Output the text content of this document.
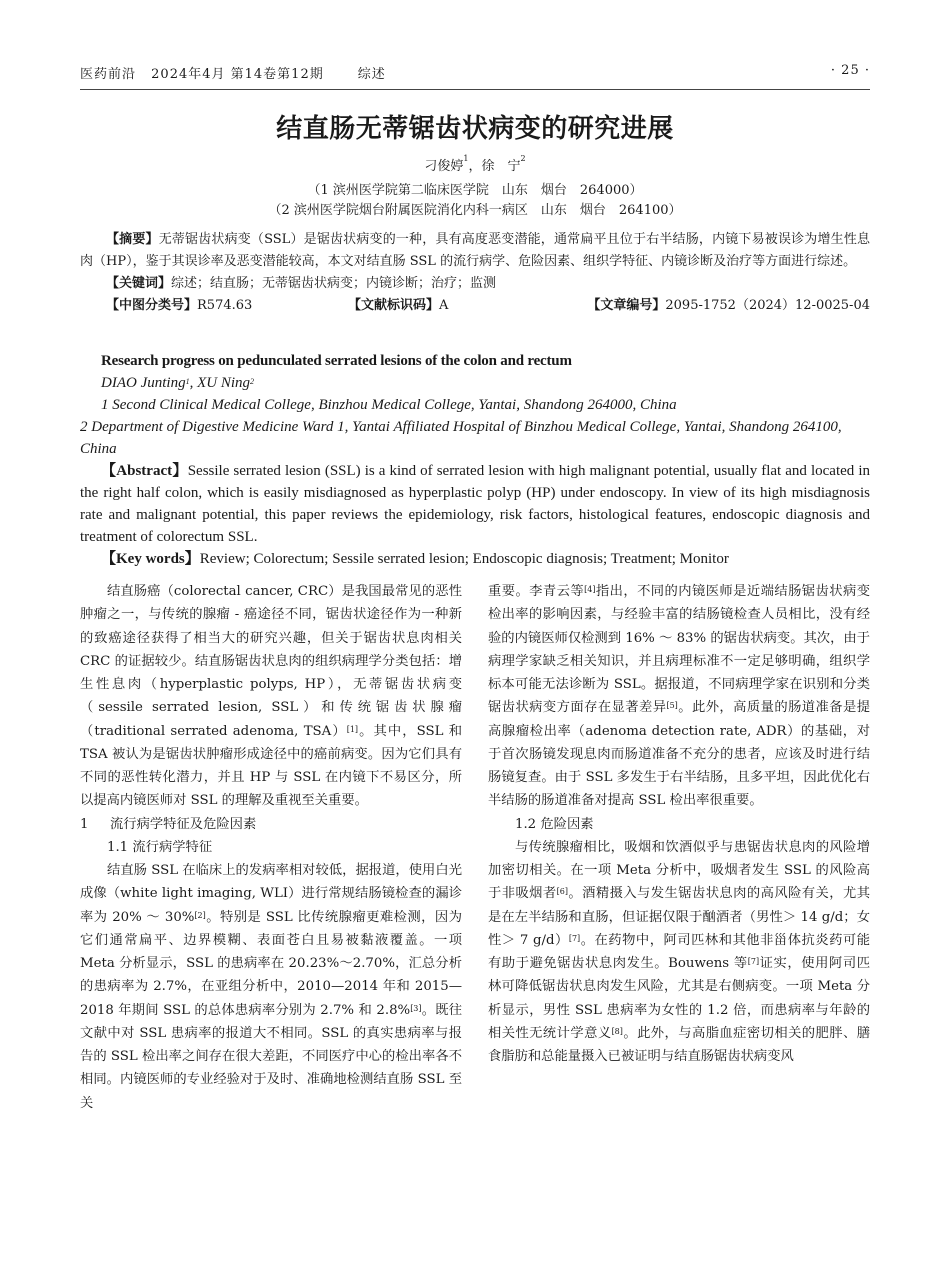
医药前沿 2024年4月 第14卷第12期	综述	· 25 ·
结直肠无蒂锯齿状病变的研究进展
刁俊婷$^1$，徐　宁$^2$
（1 滨州医学院第二临床医学院　山东　烟台　264000）
（2 滨州医学院烟台附属医院消化内科一病区　山东　烟台　264100）

【摘要】无蒂锯齿状病变（SSL）是锯齿状病变的一种，具有高度恶变潜能，通常扁平且位于右半结肠，内镜下易被误诊为增生性息肉（HP），鉴于其误诊率及恶变潜能较高，本文对结直肠 SSL 的流行病学、危险因素、组织学特征、内镜诊断及治疗等方面进行综述。

【关键词】综述；结直肠；无蒂锯齿状病变；内镜诊断；治疗；监测

【中图分类号】R574.63	【文献标识码】A	【文章编号】2095-1752（2024）12-0025-04

Research progress on pedunculated serrated lesions of the colon and rectum

DIAO Junting$^1$, XU Ning$^2$

1 Second Clinical Medical College, Binzhou Medical College, Yantai, Shandong 264000, China

2 Department of Digestive Medicine Ward 1, Yantai Affiliated Hospital of Binzhou Medical College, Yantai, Shandong 264100, China

【Abstract】Sessile serrated lesion (SSL) is a kind of serrated lesion with high malignant potential, usually flat and located in the right half colon, which is easily misdiagnosed as hyperplastic polyp (HP) under endoscopy. In view of its high misdiagnosis rate and malignant potential, this paper reviews the epidemiology, risk factors, histological features, endoscopic diagnosis and treatment of colorectum SSL.

【Key words】Review; Colorectum; Sessile serrated lesion; Endoscopic diagnosis; Treatment; Monitor

结直肠癌（colorectal cancer, CRC）是我国最常见的恶性肿瘤之一，与传统的腺瘤 - 癌途径不同，锯齿状途径作为一种新的致癌途径获得了相当大的研究兴趣，但关于锯齿状息肉相关 CRC 的证据较少。结直肠锯齿状息肉的组织病理学分类包括：增生性息肉（hyperplastic polyps, HP），无蒂锯齿状病变（sessile serrated lesion, SSL）和传统锯齿状腺瘤（traditional serrated adenoma, TSA）[1]。其中，SSL 和 TSA 被认为是锯齿状肿瘤形成途径中的癌前病变。因为它们具有不同的恶性转化潜力，并且 HP 与 SSL 在内镜下不易区分，所以提高内镜医师对 SSL 的理解及重视至关重要。

1 流行病学特征及危险因素

1.1 流行病学特征

结直肠 SSL 在临床上的发病率相对较低，据报道，使用白光成像（white light imaging, WLI）进行常规结肠镜检查的漏诊率为 20% ～ 30%[2]。特别是 SSL 比传统腺瘤更难检测，因为它们通常扁平、边界模糊、表面苍白且易被黏液覆盖。一项 Meta 分析显示，SSL 的患病率在 20.23%～2.70%，汇总分析的患病率为 2.7%，在亚组分析中，2010—2014 年和 2015—2018 年期间 SSL 的总体患病率分别为 2.7% 和 2.8%[3]。既往文献中对 SSL 患病率的报道大不相同。SSL 的真实患病率与报告的 SSL 检出率之间存在很大差距，不同医疗中心的检出率各不相同。内镜医师的专业经验对于及时、准确地检测结直肠 SSL 至关

重要。李青云等[4]指出，不同的内镜医师是近端结肠锯齿状病变检出率的影响因素，与经验丰富的结肠镜检查人员相比，没有经验的内镜医师仅检测到 16% ～ 83% 的锯齿状病变。其次，由于病理学家缺乏相关知识，并且病理标准不一定足够明确，组织学标本可能无法诊断为 SSL。据报道，不同病理学家在识别和分类锯齿状病变方面存在显著差异[5]。此外，高质量的肠道准备是提高腺瘤检出率（adenoma detection rate, ADR）的基础，对于首次肠镜发现息肉而肠道准备不充分的患者，应该及时进行结肠镜复查。由于 SSL 多发生于右半结肠，且多平坦，因此优化右半结肠的肠道准备对提高 SSL 检出率很重要。

1.2 危险因素

与传统腺瘤相比，吸烟和饮酒似乎与患锯齿状息肉的风险增加密切相关。在一项 Meta 分析中，吸烟者发生 SSL 的风险高于非吸烟者[6]。酒精摄入与发生锯齿状息肉的高风险有关，尤其是在左半结肠和直肠，但证据仅限于酗酒者（男性＞ 14 g/d；女性＞ 7 g/d）[7]。在药物中，阿司匹林和其他非甾体抗炎药可能有助于避免锯齿状息肉发生。Bouwens 等[7]证实，使用阿司匹林可降低锯齿状息肉发生风险，尤其是右侧病变。一项 Meta 分析显示，男性 SSL 患病率为女性的 1.2 倍，而患病率与年龄的相关性无统计学意义[8]。此外，与高脂血症密切相关的肥胖、膳食脂肪和总能量摄入已被证明与结直肠锯齿状病变风
